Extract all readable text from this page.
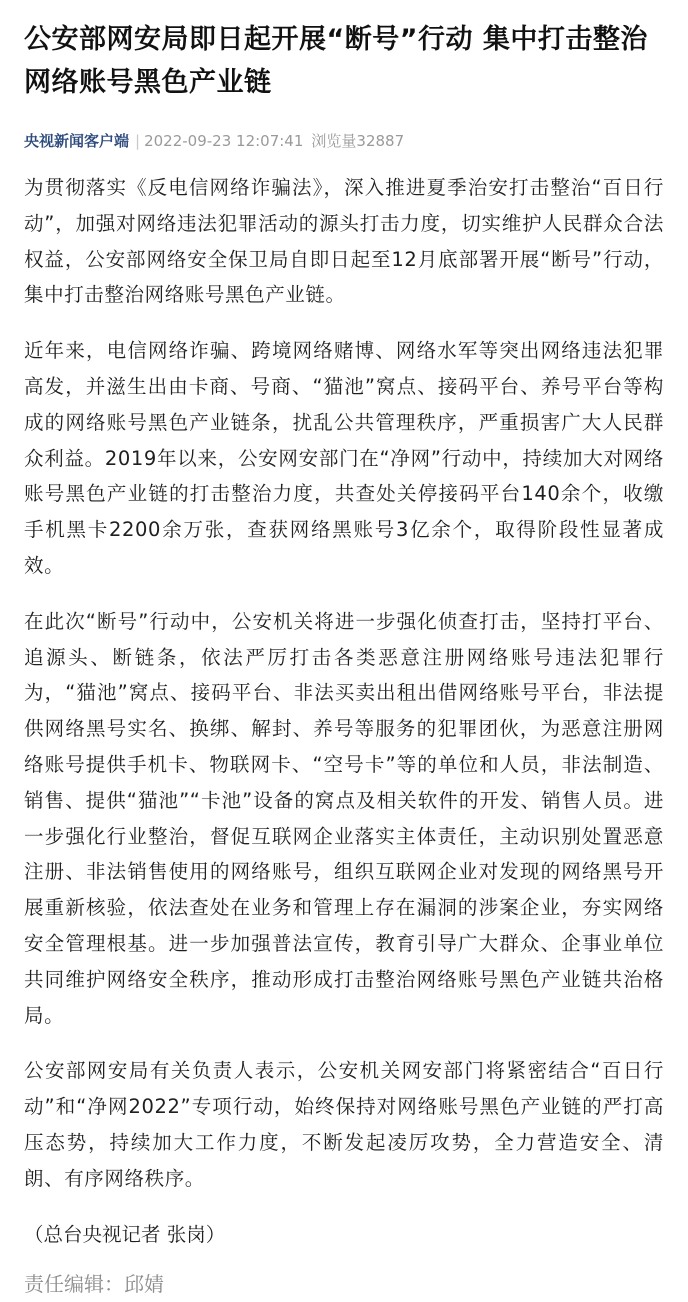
公安部网安局即日起开展“断号”行动 集中打击整治网络账号黑色产业链
央视新闻客户端 | 2022-09-23 12:07:41 浏览量32887

为贯彻落实《反电信网络诈骗法》，深入推进夏季治安打击整治“百日行动”，加强对网络违法犯罪活动的源头打击力度，切实维护人民群众合法权益，公安部网络安全保卫局自即日起至12月底部署开展“断号”行动，集中打击整治网络账号黑色产业链。

近年来，电信网络诈骗、跨境网络赌博、网络水军等突出网络违法犯罪高发，并滋生出由卡商、号商、“猫池”窝点、接码平台、养号平台等构成的网络账号黑色产业链条，扰乱公共管理秩序，严重损害广大人民群众利益。2019年以来，公安网安部门在“净网”行动中，持续加大对网络账号黑色产业链的打击整治力度，共查处关停接码平台140余个，收缴手机黑卡2200余万张，查获网络黑账号3亿余个，取得阶段性显著成效。

在此次“断号”行动中，公安机关将进一步强化侦查打击，坚持打平台、追源头、断链条，依法严厉打击各类恶意注册网络账号违法犯罪行为，“猫池”窝点、接码平台、非法买卖出租出借网络账号平台，非法提供网络黑号实名、换绑、解封、养号等服务的犯罪团伙，为恶意注册网络账号提供手机卡、物联网卡、“空号卡”等的单位和人员，非法制造、销售、提供“猫池”“卡池”设备的窝点及相关软件的开发、销售人员。进一步强化行业整治，督促互联网企业落实主体责任，主动识别处置恶意注册、非法销售使用的网络账号，组织互联网企业对发现的网络黑号开展重新核验，依法查处在业务和管理上存在漏洞的涉案企业，夯实网络安全管理根基。进一步加强普法宣传，教育引导广大群众、企事业单位共同维护网络安全秩序，推动形成打击整治网络账号黑色产业链共治格局。

公安部网安局有关负责人表示，公安机关网安部门将紧密结合“百日行动”和“净网2022”专项行动，始终保持对网络账号黑色产业链的严打高压态势，持续加大工作力度，不断发起凌厉攻势，全力营造安全、清朗、有序网络秩序。

（总台央视记者 张岗）

责任编辑：邱婧
